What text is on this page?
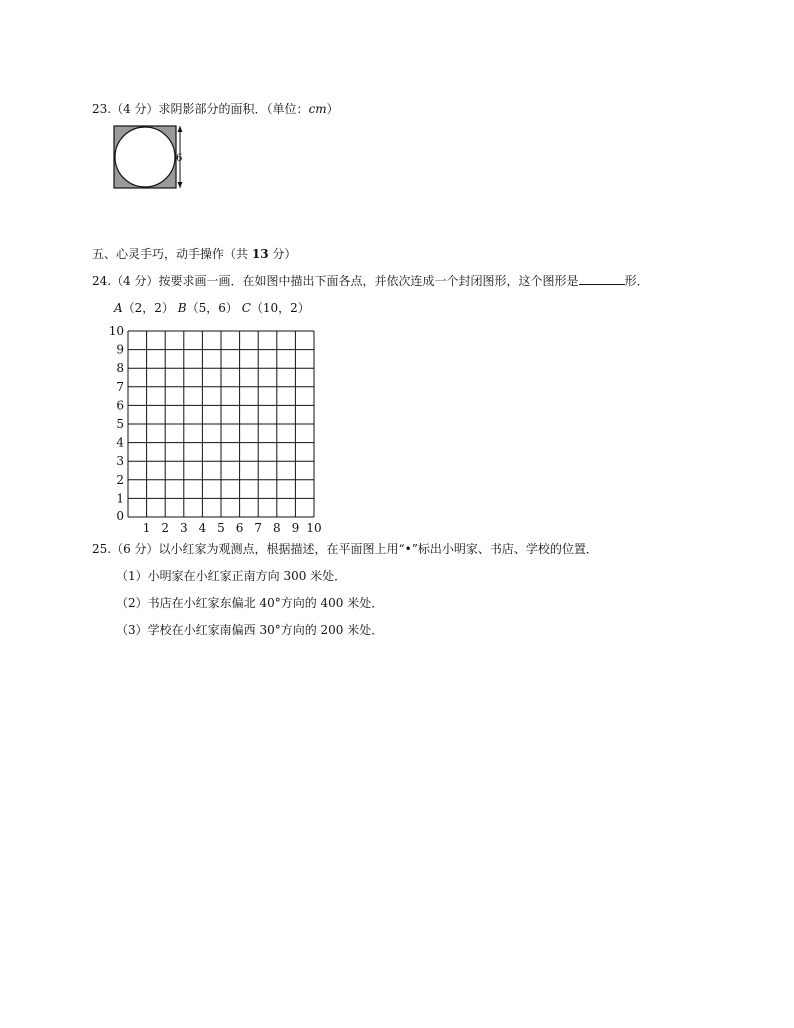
23.（4 分）求阴影部分的面积．（单位：cm）
6
五、心灵手巧，动手操作（共 13 分）
24.（4 分）按要求画一画．在如图中描出下面各点，并依次连成一个封闭图形，这个图形是	形．
A（2，2） B（5，6） C（10，2）
0
1 2 3 4 5 6 7 8 9 10
1
2
3
4
5
6
7
8
9
10
25.（6 分）以小红家为观测点，根据描述，在平面图上用“•”标出小明家、书店、学校的位置．
（1）小明家在小红家正南方向 300 米处．
（2）书店在小红家东偏北 40°方向的 400 米处．
（3）学校在小红家南偏西 30°方向的 200 米处．
